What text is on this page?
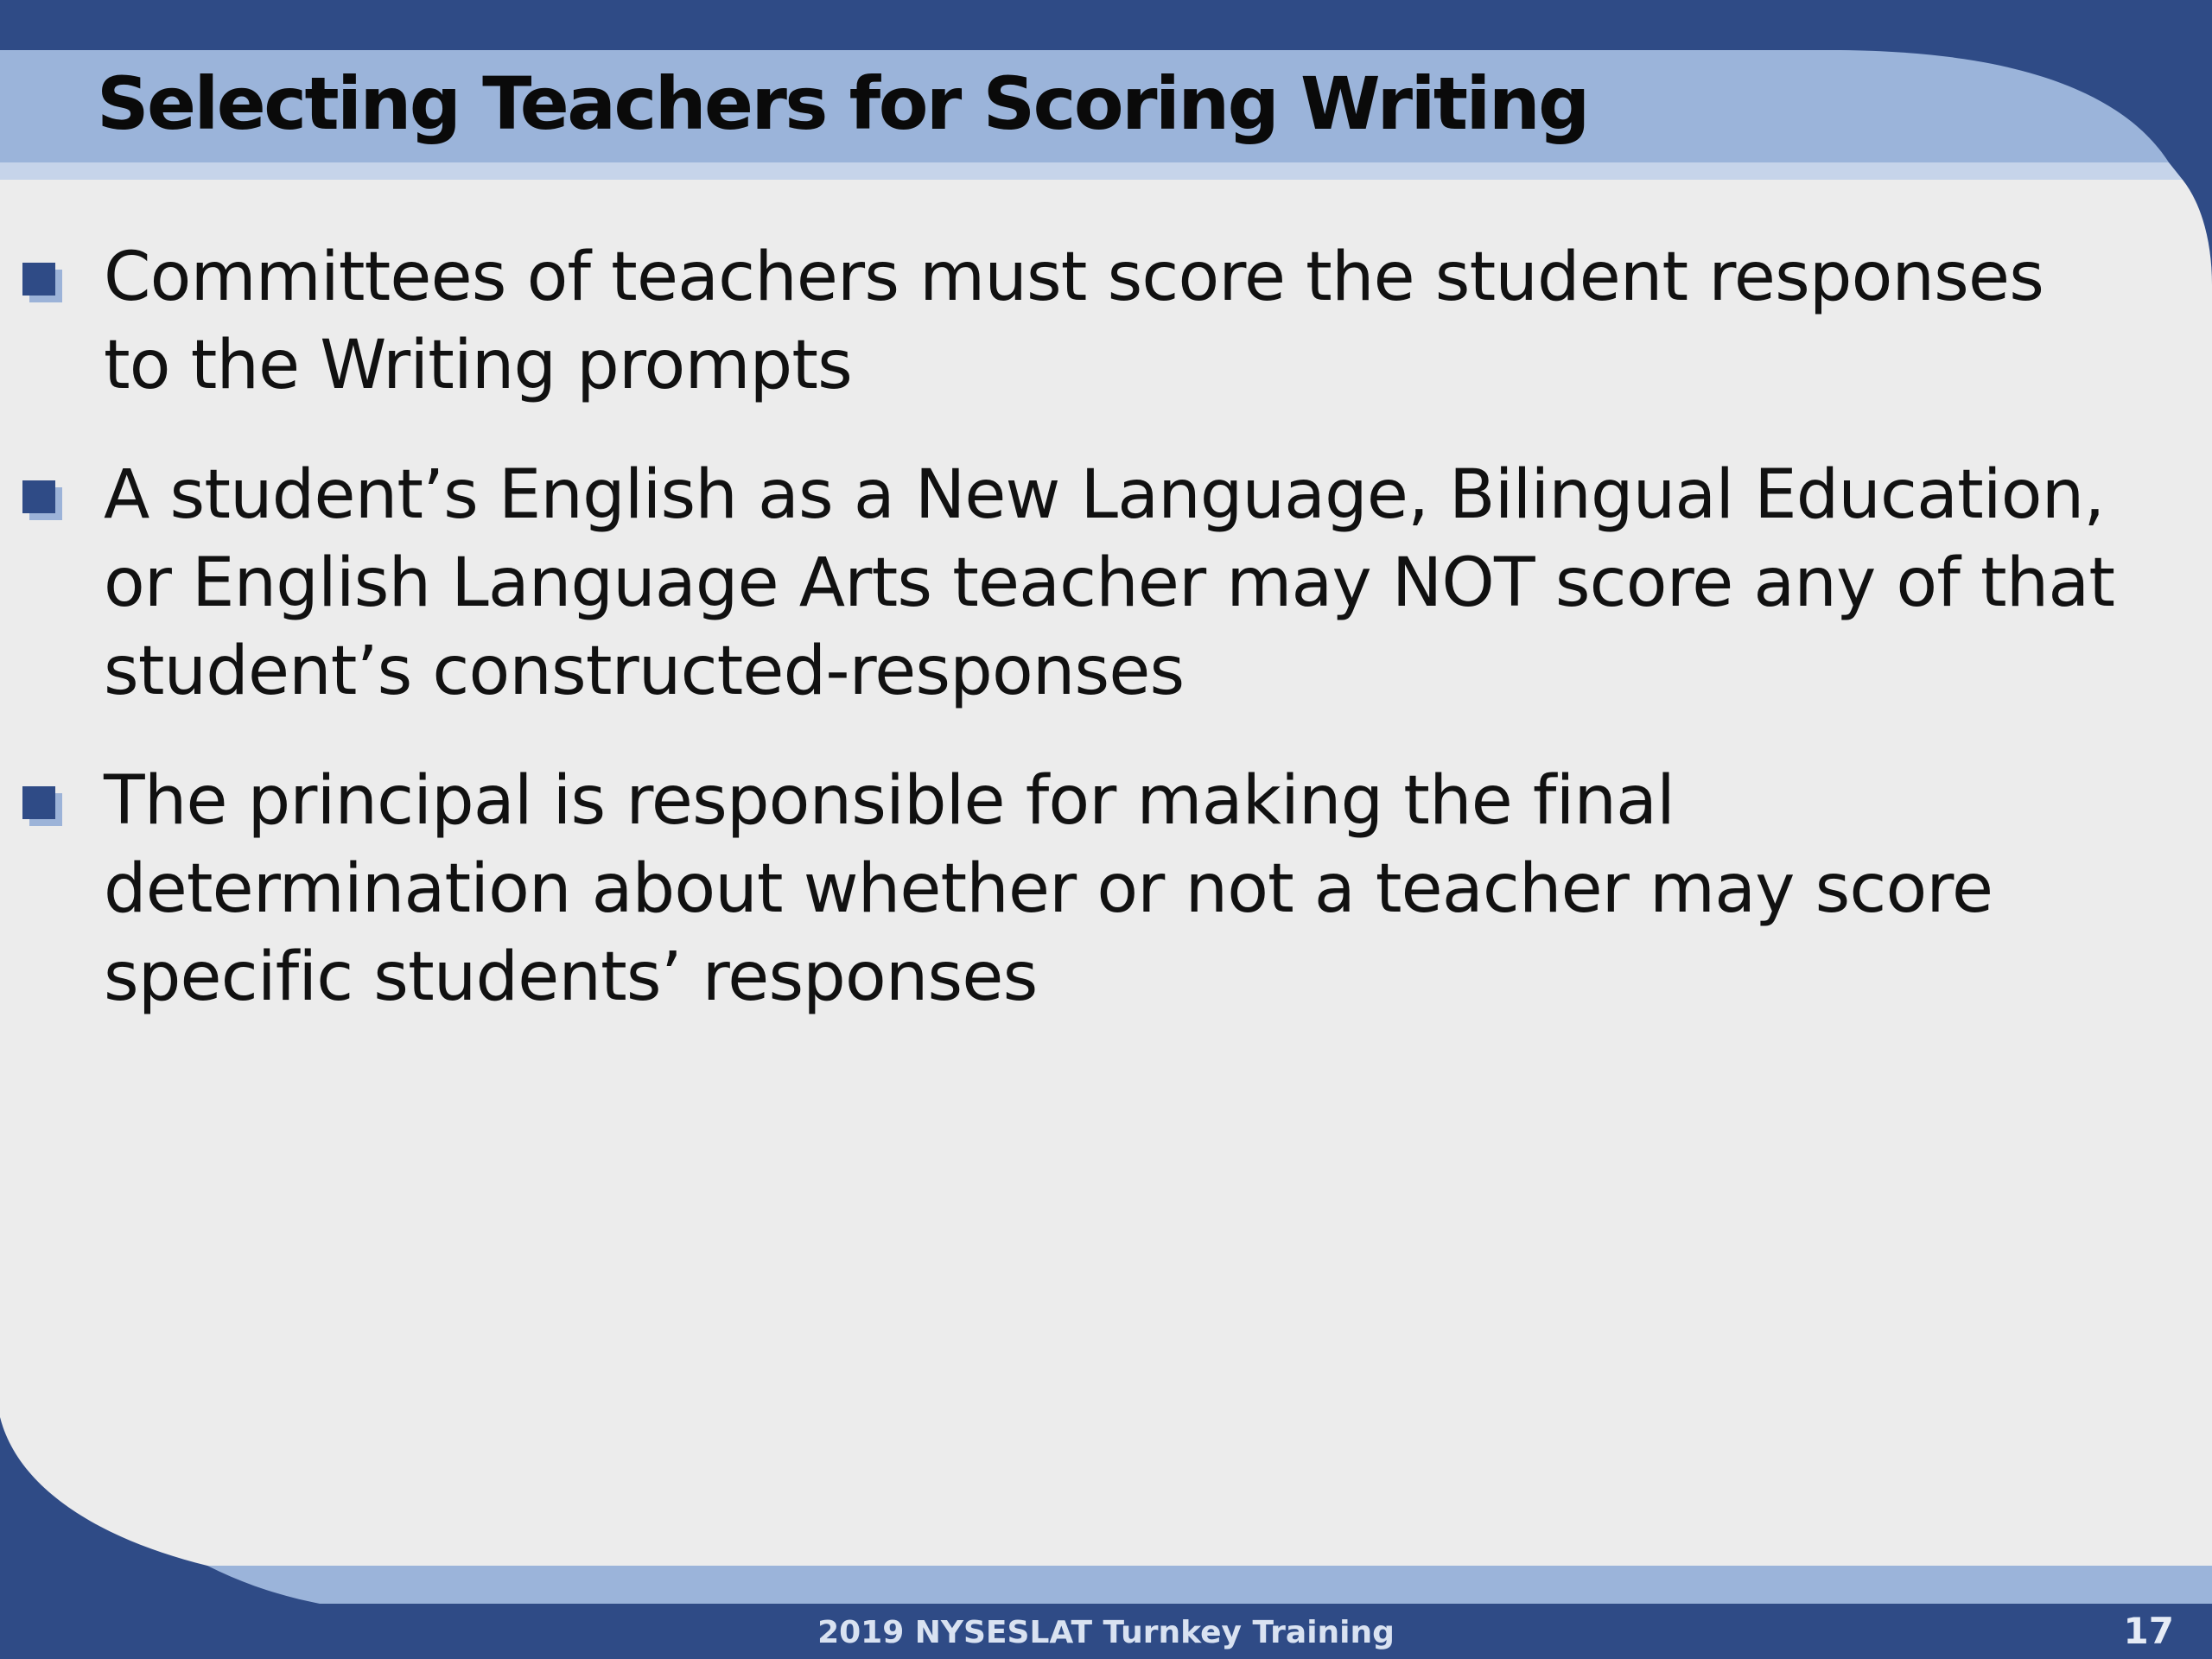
Selecting Teachers for Scoring Writing
Committees of teachers must score the student responses to the Writing prompts
A student’s English as a New Language, Bilingual Education, or English Language Arts teacher may NOT score any of that student’s constructed-responses
The principal is responsible for making the final determination about whether or not a teacher may score specific students’ responses
2019 NYSESLAT Turnkey Training	17
